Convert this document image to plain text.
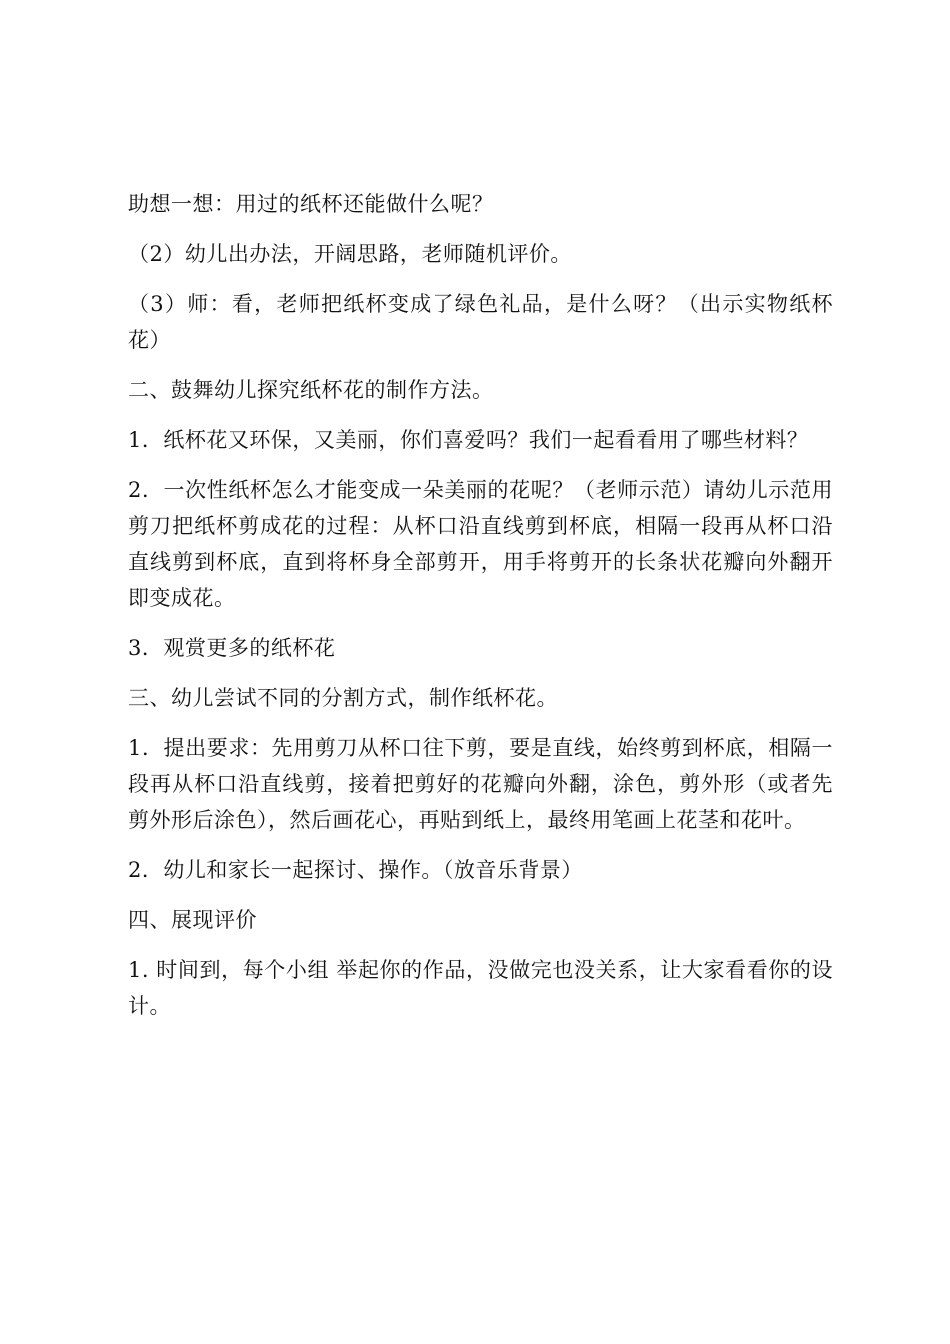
助想一想：用过的纸杯还能做什么呢？

（2）幼儿出办法，开阔思路，老师随机评价。

（3）师：看，老师把纸杯变成了绿色礼品，是什么呀？（出示实物纸杯花）

二、鼓舞幼儿探究纸杯花的制作方法。

1．纸杯花又环保，又美丽，你们喜爱吗？我们一起看看用了哪些材料？

2．一次性纸杯怎么才能变成一朵美丽的花呢？（老师示范）请幼儿示范用剪刀把纸杯剪成花的过程：从杯口沿直线剪到杯底，相隔一段再从杯口沿直线剪到杯底，直到将杯身全部剪开，用手将剪开的长条状花瓣向外翻开即变成花。

3．观赏更多的纸杯花

三、幼儿尝试不同的分割方式，制作纸杯花。

1．提出要求：先用剪刀从杯口往下剪，要是直线，始终剪到杯底，相隔一段再从杯口沿直线剪，接着把剪好的花瓣向外翻，涂色，剪外形（或者先剪外形后涂色），然后画花心，再贴到纸上，最终用笔画上花茎和花叶。

2．幼儿和家长一起探讨、操作。（放音乐背景）

四、展现评价

1. 时间到，每个小组 举起你的作品，没做完也没关系，让大家看看你的设计。
